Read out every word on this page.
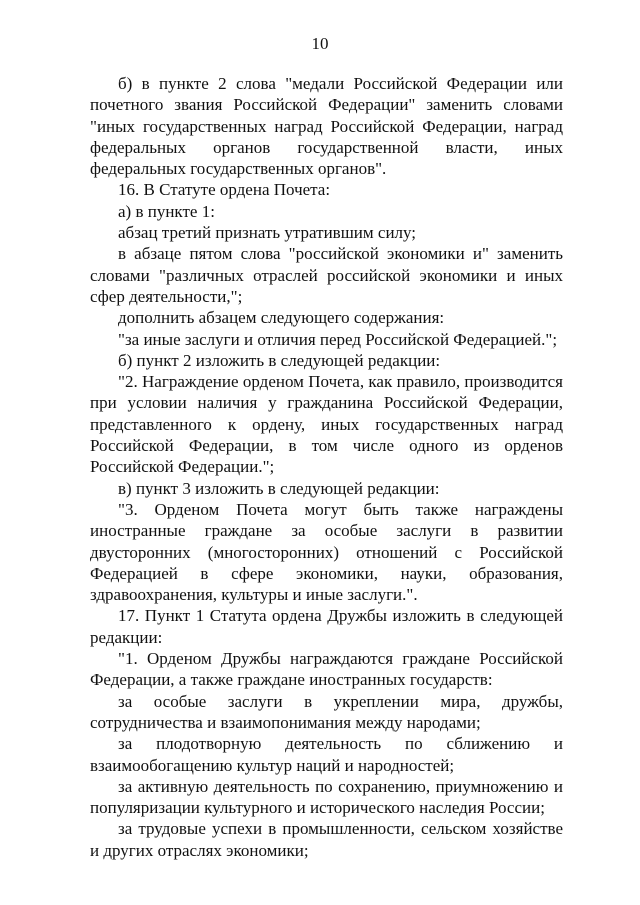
10

б) в пункте 2 слова "медали Российской Федерации или почетного звания Российской Федерации" заменить словами "иных государственных наград Российской Федерации, наград федеральных органов государственной власти, иных федеральных государственных органов".

16. В Статуте ордена Почета:

а) в пункте 1:

абзац третий признать утратившим силу;

в абзаце пятом слова "российской экономики и" заменить словами "различных отраслей российской экономики и иных сфер деятельности,";

дополнить абзацем следующего содержания:

"за иные заслуги и отличия перед Российской Федерацией.";

б) пункт 2 изложить в следующей редакции:

"2. Награждение орденом Почета, как правило, производится при условии наличия у гражданина Российской Федерации, представленного к ордену, иных государственных наград Российской Федерации, в том числе одного из орденов Российской Федерации.";

в) пункт 3 изложить в следующей редакции:

"3. Орденом Почета могут быть также награждены иностранные граждане за особые заслуги в развитии двусторонних (многосторонних) отношений с Российской Федерацией в сфере экономики, науки, образования, здравоохранения, культуры и иные заслуги.".

17. Пункт 1 Статута ордена Дружбы изложить в следующей редакции:

"1. Орденом Дружбы награждаются граждане Российской Федерации, а также граждане иностранных государств:

за особые заслуги в укреплении мира, дружбы, сотрудничества и взаимопонимания между народами;

за плодотворную деятельность по сближению и взаимообогащению культур наций и народностей;

за активную деятельность по сохранению, приумножению и популяризации культурного и исторического наследия России;

за трудовые успехи в промышленности, сельском хозяйстве и других отраслях экономики;
